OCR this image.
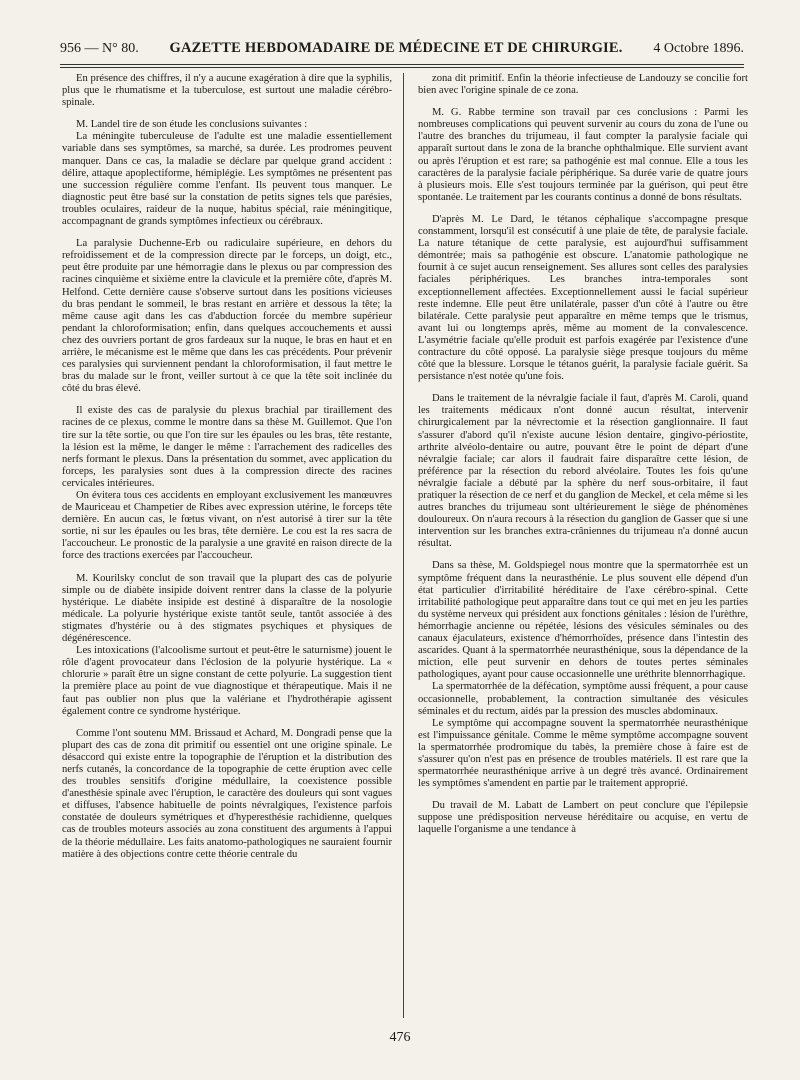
956 — N° 80. GAZETTE HEBDOMADAIRE DE MÉDECINE ET DE CHIRURGIE. 4 Octobre 1896.

En présence des chiffres, il n'y a aucune exagération à dire que la syphilis, plus que le rhumatisme et la tuberculose, est surtout une maladie cérébro-spinale.

M. Landel tire de son étude les conclusions suivantes :

La méningite tuberculeuse de l'adulte est une maladie essentiellement variable dans ses symptômes, sa marché, sa durée. Les prodromes peuvent manquer. Dans ce cas, la maladie se déclare par quelque grand accident : délire, attaque apoplectiforme, hémiplégie. Les symptômes ne présentent pas une succession régulière comme l'enfant. Ils peuvent tous manquer. Le diagnostic peut être basé sur la constation de petits signes tels que parésies, troubles oculaires, raideur de la nuque, habitus spécial, raie méningitique, accompagnant de grands symptômes infectieux ou cérébraux.

La paralysie Duchenne-Erb ou radiculaire supérieure, en dehors du refroidissement et de la compression directe par le forceps, un doigt, etc., peut être produite par une hémorragie dans le plexus ou par compression des racines cinquième et sixième entre la clavicule et la première côte, d'après M. Helfond. Cette dernière cause s'observe surtout dans les positions vicieuses du bras pendant le sommeil, le bras restant en arrière et dessous la tête; la même cause agit dans les cas d'abduction forcée du membre supérieur pendant la chloroformisation; enfin, dans quelques accouchements et aussi chez des ouvriers portant de gros fardeaux sur la nuque, le bras en haut et en arrière, le mécanisme est le même que dans les cas précédents. Pour prévenir ces paralysies qui surviennent pendant la chloroformisation, il faut mettre le bras du malade sur le front, veiller surtout à ce que la tête soit inclinée du côté du bras élevé.

Il existe des cas de paralysie du plexus brachial par tiraillement des racines de ce plexus, comme le montre dans sa thèse M. Guillemot. Que l'on tire sur la tête sortie, ou que l'on tire sur les épaules ou les bras, tête restante, la lésion est la même, le danger le même : l'arrachement des radicelles des nerfs formant le plexus. Dans la présentation du sommet, avec application du forceps, les paralysies sont dues à la compression directe des racines cervicales intérieures.

On évitera tous ces accidents en employant exclusivement les manœuvres de Mauriceau et Champetier de Ribes avec expression utérine, le forceps tête dernière. En aucun cas, le fœtus vivant, on n'est autorisé à tirer sur la tête sortie, ni sur les épaules ou les bras, tête dernière. Le cou est la res sacra de l'accoucheur. Le pronostic de la paralysie a une gravité en raison directe de la force des tractions exercées par l'accoucheur.

M. Kourilsky conclut de son travail que la plupart des cas de polyurie simple ou de diabète insipide doivent rentrer dans la classe de la polyurie hystérique. Le diabète insipide est destiné à disparaître de la nosologie médicale. La polyurie hystérique existe tantôt seule, tantôt associée à des stigmates d'hystérie ou à des stigmates psychiques et physiques de dégénérescence.

Les intoxications (l'alcoolisme surtout et peut-être le saturnisme) jouent le rôle d'agent provocateur dans l'éclosion de la polyurie hystérique. La « chlorurie » paraît être un signe constant de cette polyurie. La suggestion tient la première place au point de vue diagnostique et thérapeutique. Mais il ne faut pas oublier non plus que la valériane et l'hydrothérapie agissent également contre ce syndrome hystérique.

Comme l'ont soutenu MM. Brissaud et Achard, M. Dongradi pense que la plupart des cas de zona dit primitif ou essentiel ont une origine spinale. Le désaccord qui existe entre la topographie de l'éruption et la distribution des nerfs cutanés, la concordance de la topographie de cette éruption avec celle des troubles sensitifs d'origine médullaire, la coexistence possible d'anesthésie spinale avec l'éruption, le caractère des douleurs qui sont vagues et diffuses, l'absence habituelle de points névralgiques, l'existence parfois constatée de douleurs symétriques et d'hyperesthésie rachidienne, quelques cas de troubles moteurs associés au zona constituent des arguments à l'appui de la théorie médullaire. Les faits anatomo-pathologiques ne sauraient fournir matière à des objections contre cette théorie centrale du

zona dit primitif. Enfin la théorie infectieuse de Landouzy se concilie fort bien avec l'origine spinale de ce zona.

M. G. Rabbe termine son travail par ces conclusions : Parmi les nombreuses complications qui peuvent survenir au cours du zona de l'une ou l'autre des branches du trijumeau, il faut compter la paralysie faciale qui apparaît surtout dans le zona de la branche ophthalmique. Elle survient avant ou après l'éruption et est rare; sa pathogénie est mal connue. Elle a tous les caractères de la paralysie faciale périphérique. Sa durée varie de quatre jours à plusieurs mois. Elle s'est toujours terminée par la guérison, qui peut être spontanée. Le traitement par les courants continus a donné de bons résultats.

D'après M. Le Dard, le tétanos céphalique s'accompagne presque constamment, lorsqu'il est consécutif à une plaie de tête, de paralysie faciale. La nature tétanique de cette paralysie, est aujourd'hui suffisamment démontrée; mais sa pathogénie est obscure. L'anatomie pathologique ne fournit à ce sujet aucun renseignement. Ses allures sont celles des paralysies faciales périphériques. Les branches intra-temporales sont exceptionnellement affectées. Exceptionnellement aussi le facial supérieur reste indemne. Elle peut être unilatérale, passer d'un côté à l'autre ou être bilatérale. Cette paralysie peut apparaître en même temps que le trismus, avant lui ou longtemps après, même au moment de la convalescence. L'asymétrie faciale qu'elle produit est parfois exagérée par l'existence d'une contracture du côté opposé. La paralysie siège presque toujours du même côté que la blessure. Lorsque le tétanos guérit, la paralysie faciale guérit. Sa persistance n'est notée qu'une fois.

Dans le traitement de la névralgie faciale il faut, d'après M. Caroli, quand les traitements médicaux n'ont donné aucun résultat, intervenir chirurgicalement par la névrectomie et la résection ganglionnaire. Il faut s'assurer d'abord qu'il n'existe aucune lésion dentaire, gingivo-périostite, arthrite alvéolo-dentaire ou autre, pouvant être le point de départ d'une névralgie faciale; car alors il faudrait faire disparaître cette lésion, de préférence par la résection du rebord alvéolaire. Toutes les fois qu'une névralgie faciale a débuté par la sphère du nerf sous-orbitaire, il faut pratiquer la résection de ce nerf et du ganglion de Meckel, et cela même si les autres branches du trijumeau sont ultérieurement le siège de phénomènes douloureux. On n'aura recours à la résection du ganglion de Gasser que si une intervention sur les branches extra-crâniennes du trijumeau n'a donné aucun résultat.

Dans sa thèse, M. Goldspiegel nous montre que la spermatorrhée est un symptôme fréquent dans la neurasthénie. Le plus souvent elle dépend d'un état particulier d'irritabilité héréditaire de l'axe cérébro-spinal. Cette irritabilité pathologique peut apparaître dans tout ce qui met en jeu les parties du système nerveux qui président aux fonctions génitales : lésion de l'urèthre, hémorrhagie ancienne ou répétée, lésions des vésicules séminales ou des canaux éjaculateurs, existence d'hémorrhoïdes, présence dans l'intestin des ascarides. Quant à la spermatorrhée neurasthénique, sous la dépendance de la miction, elle peut survenir en dehors de toutes pertes séminales pathologiques, ayant pour cause occasionnelle une uréthrite blennorrhagique.

La spermatorrhée de la défécation, symptôme aussi fréquent, a pour cause occasionnelle, probablement, la contraction simultanée des vésicules séminales et du rectum, aidés par la pression des muscles abdominaux.

Le symptôme qui accompagne souvent la spermatorrhée neurasthénique est l'impuissance génitale. Comme le même symptôme accompagne souvent la spermatorrhée prodromique du tabès, la première chose à faire est de s'assurer qu'on n'est pas en présence de troubles matériels. Il est rare que la spermatorrhée neurasthénique arrive à un degré très avancé. Ordinairement les symptômes s'amendent en partie par le traitement approprié.

Du travail de M. Labatt de Lambert on peut conclure que l'épilepsie suppose une prédisposition nerveuse héréditaire ou acquise, en vertu de laquelle l'organisme a une tendance à

476
